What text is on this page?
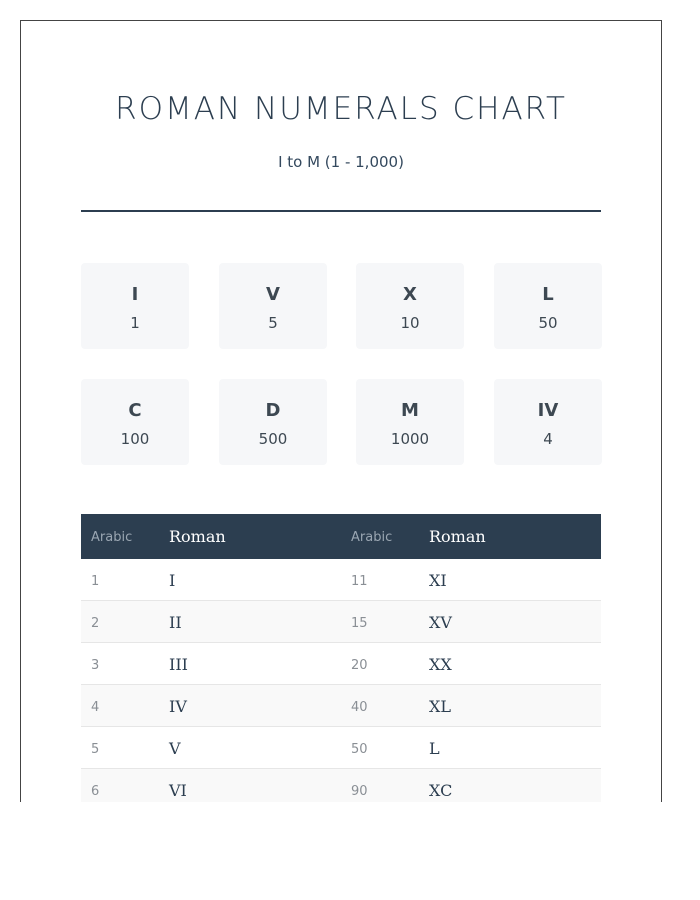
ROMAN NUMERALS CHART
I to M (1 - 1,000)
I
1
V
5
X
10
L
50
C
100
D
500
M
1000
IV
4
Arabic Roman	Arabic Roman
1	I	11	XI
2	II	15	XV
3	III	20	XX
4	IV	40	XL
5	V	50	L
6	VI	90	XC
